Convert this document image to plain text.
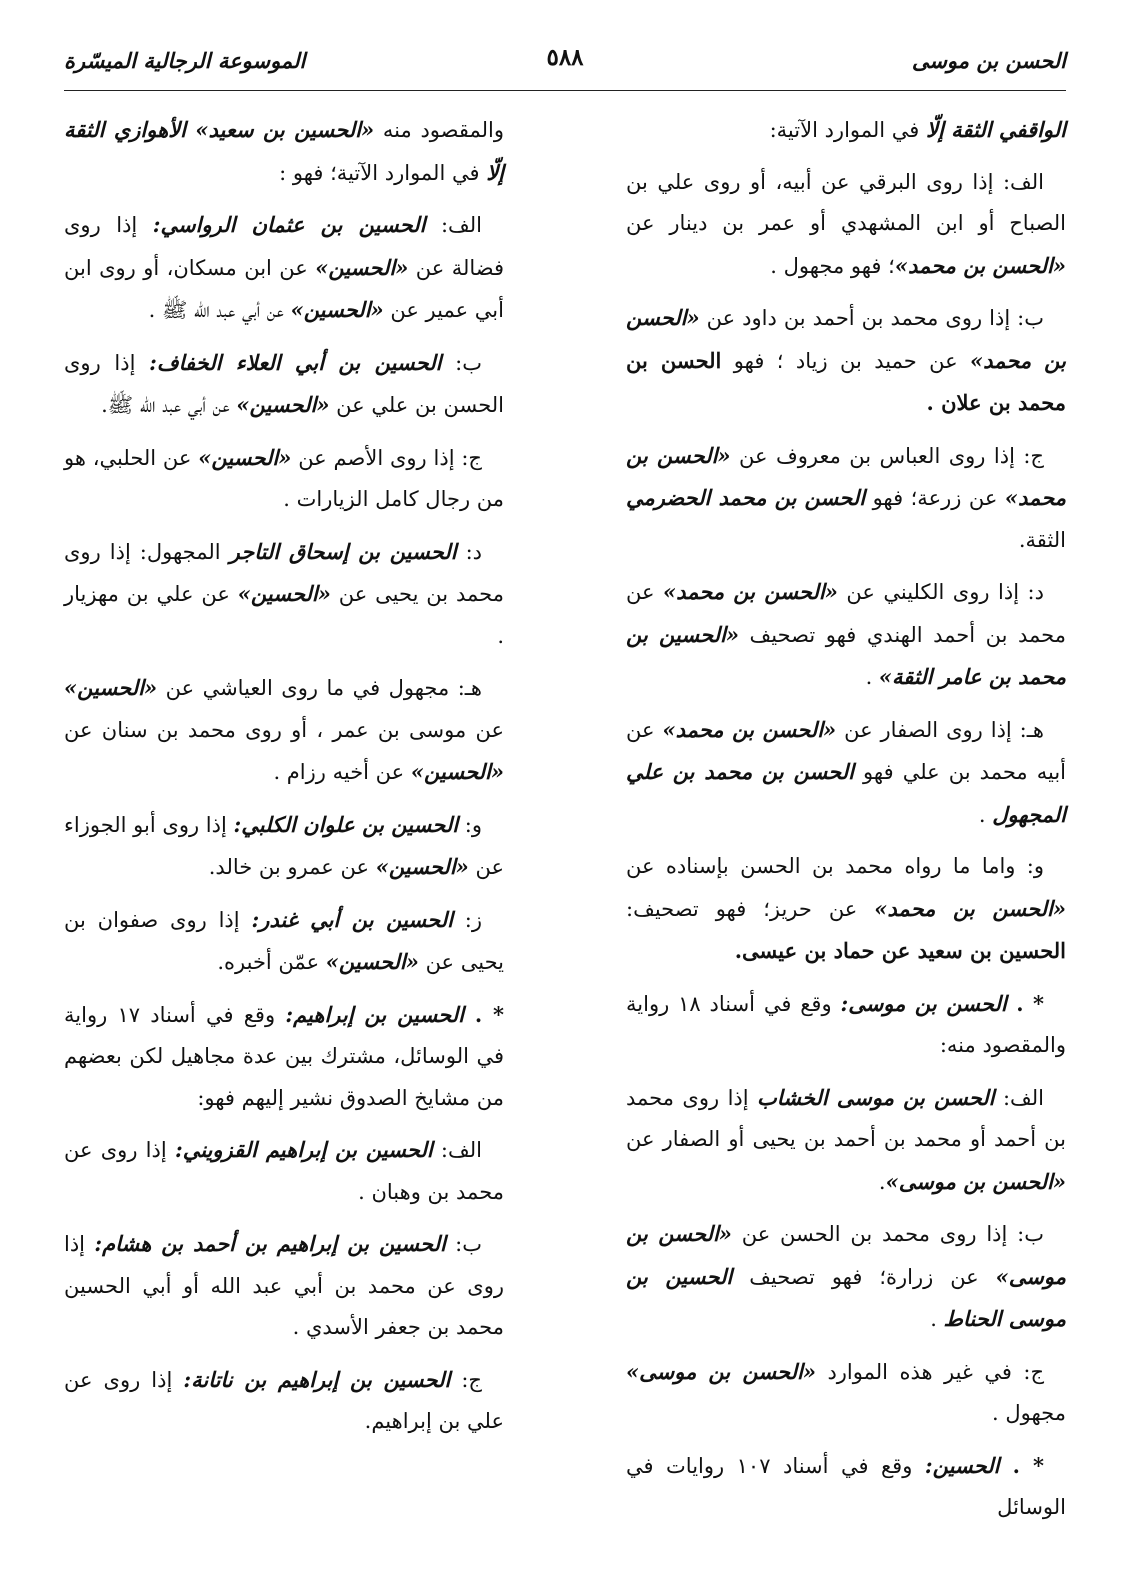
الحسن بن موسى
٥٨٨
الموسوعة الرجالية الميسّرة

الواقفي الثقة إلّا في الموارد الآتية:

الف: إذا روى البرقي عن أبيه، أو روى علي بن الصباح أو ابن المشهدي أو عمر بن دينار عن «الحسن بن محمد»؛ فهو مجهول .

ب: إذا روى محمد بن أحمد بن داود عن «الحسن بن محمد» عن حميد بن زياد ؛ فهو الحسن بن محمد بن علان .

ج: إذا روى العباس بن معروف عن «الحسن بن محمد» عن زرعة؛ فهو الحسن بن محمد الحضرمي الثقة.

د: إذا روى الكليني عن «الحسن بن محمد» عن محمد بن أحمد الهندي فهو تصحيف «الحسين بن محمد بن عامر الثقة» .

هـ: إذا روى الصفار عن «الحسن بن محمد» عن أبيه محمد بن علي فهو الحسن بن محمد بن علي المجهول .

و: واما ما رواه محمد بن الحسن بإسناده عن «الحسن بن محمد» عن حريز؛ فهو تصحيف: الحسين بن سعيد عن حماد بن عيسى.

* . الحسن بن موسى: وقع في أسناد ١٨ رواية والمقصود منه:

الف: الحسن بن موسى الخشاب إذا روى محمد بن أحمد أو محمد بن أحمد بن يحيى أو الصفار عن «الحسن بن موسى».

ب: إذا روى محمد بن الحسن عن «الحسن بن موسى» عن زرارة؛ فهو تصحيف الحسين بن موسى الحناط .

ج: في غير هذه الموارد «الحسن بن موسى» مجهول .

* . الحسين: وقع في أسناد ١٠٧ روايات في الوسائل

والمقصود منه «الحسين بن سعيد» الأهوازي الثقة إلّا في الموارد الآتية؛ فهو :

الف: الحسين بن عثمان الرواسي: إذا روى فضالة عن «الحسين» عن ابن مسكان، أو روى ابن أبي عمير عن «الحسين» عن أبي عبد الله ﷺ .

ب: الحسين بن أبي العلاء الخفاف: إذا روى الحسن بن علي عن «الحسين» عن أبي عبد الله ﷺ.

ج: إذا روى الأصم عن «الحسين» عن الحلبي، هو من رجال كامل الزيارات .

د: الحسين بن إسحاق التاجر المجهول: إذا روى محمد بن يحيى عن «الحسين» عن علي بن مهزيار .

هـ: مجهول في ما روى العياشي عن «الحسين» عن موسى بن عمر ، أو روى محمد بن سنان عن «الحسين» عن أخيه رزام .

و: الحسين بن علوان الكلبي: إذا روى أبو الجوزاء عن «الحسين» عن عمرو بن خالد.

ز: الحسين بن أبي غندر: إذا روى صفوان بن يحيى عن «الحسين» عمّن أخبره.

* . الحسين بن إبراهيم: وقع في أسناد ١٧ رواية في الوسائل، مشترك بين عدة مجاهيل لكن بعضهم من مشايخ الصدوق نشير إليهم فهو:

الف: الحسين بن إبراهيم القزويني: إذا روى عن محمد بن وهبان .

ب: الحسين بن إبراهيم بن أحمد بن هشام: إذا روى عن محمد بن أبي عبد الله أو أبي الحسين محمد بن جعفر الأسدي .

ج: الحسين بن إبراهيم بن ناتانة: إذا روى عن علي بن إبراهيم.
